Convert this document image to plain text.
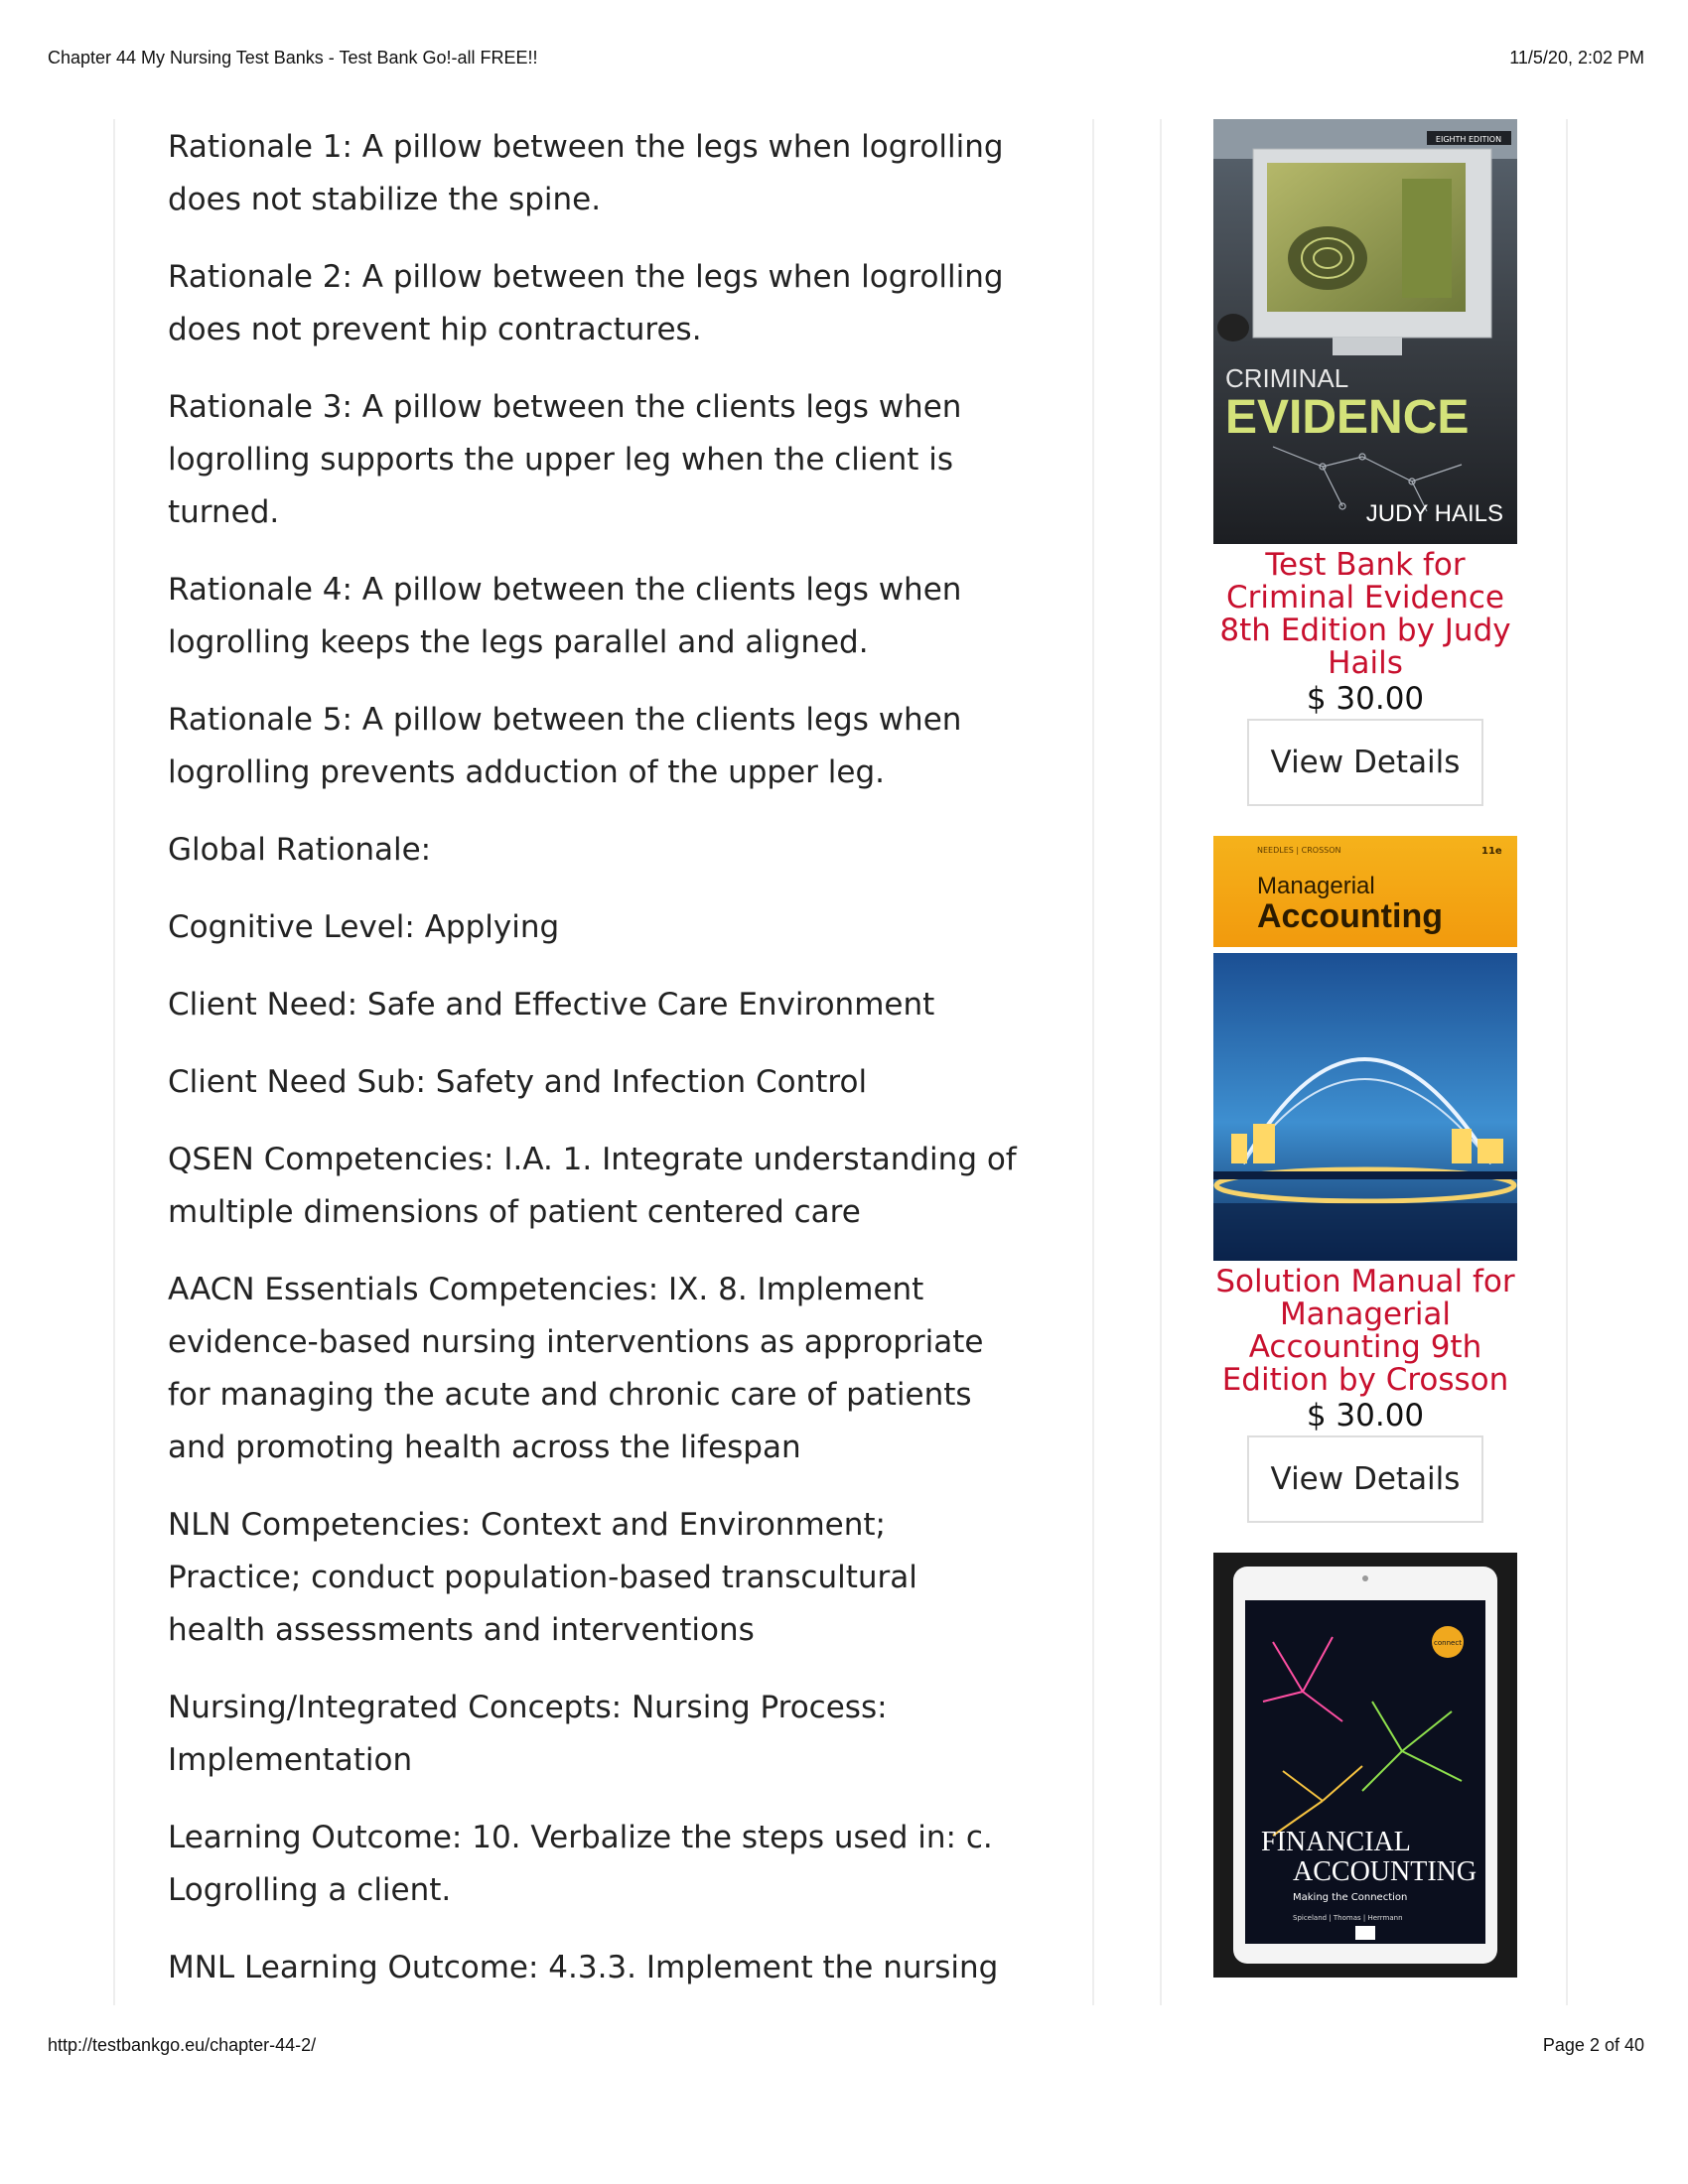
Chapter 44 My Nursing Test Banks - Test Bank Go!-all FREE!!	11/5/20, 2:02 PM

Rationale 1: A pillow between the legs when logrolling does not stabilize the spine.

Rationale 2: A pillow between the legs when logrolling does not prevent hip contractures.

Rationale 3: A pillow between the clients legs when logrolling supports the upper leg when the client is turned.

Rationale 4: A pillow between the clients legs when logrolling keeps the legs parallel and aligned.

Rationale 5: A pillow between the clients legs when logrolling prevents adduction of the upper leg.

Global Rationale:

Cognitive Level: Applying

Client Need: Safe and Effective Care Environment

Client Need Sub: Safety and Infection Control

QSEN Competencies: I.A. 1. Integrate understanding of multiple dimensions of patient centered care

AACN Essentials Competencies: IX. 8. Implement evidence-based nursing interventions as appropriate for managing the acute and chronic care of patients and promoting health across the lifespan

NLN Competencies: Context and Environment; Practice; conduct population-based transcultural health assessments and interventions

Nursing/Integrated Concepts: Nursing Process: Implementation

Learning Outcome: 10. Verbalize the steps used in: c. Logrolling a client.

MNL Learning Outcome: 4.3.3. Implement the nursing

EIGHTH EDITION
CRIMINAL
EVIDENCE
JUDY HAILS
Test Bank for Criminal Evidence 8th Edition by Judy Hails
$ 30.00
View Details
NEEDLES | CROSSON	11e
Managerial
Accounting
Solution Manual for Managerial Accounting 9th Edition by Crosson
$ 30.00
View Details
connect
FINANCIAL
ACCOUNTING
Making the Connection
Spiceland | Thomas | Herrmann
http://testbankgo.eu/chapter-44-2/	Page 2 of 40
